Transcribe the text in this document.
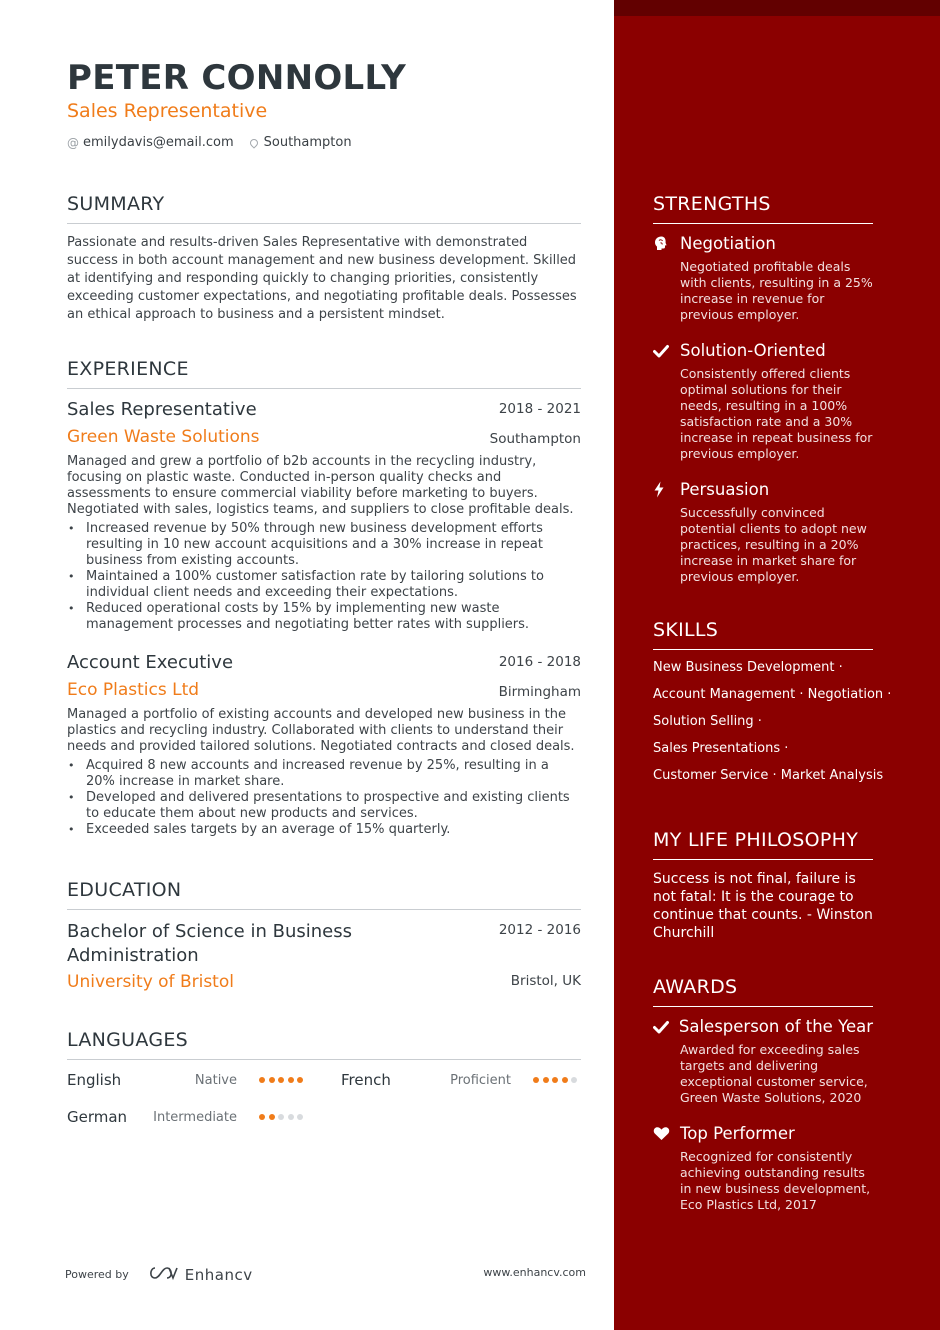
PETER CONNOLLY
Sales Representative
@ emilydavis@email.com Southampton
SUMMARY
Passionate and results-driven Sales Representative with demonstrated success in both account management and new business development. Skilled at identifying and responding quickly to changing priorities, consistently exceeding customer expectations, and negotiating profitable deals. Possesses an ethical approach to business and a persistent mindset.
EXPERIENCE
Sales Representative	2018 - 2021
Green Waste Solutions	Southampton
Managed and grew a portfolio of b2b accounts in the recycling industry, focusing on plastic waste. Conducted in-person quality checks and assessments to ensure commercial viability before marketing to buyers. Negotiated with sales, logistics teams, and suppliers to close profitable deals.
• Increased revenue by 50% through new business development efforts resulting in 10 new account acquisitions and a 30% increase in repeat business from existing accounts.
• Maintained a 100% customer satisfaction rate by tailoring solutions to individual client needs and exceeding their expectations.
• Reduced operational costs by 15% by implementing new waste management processes and negotiating better rates with suppliers.
Account Executive	2016 - 2018
Eco Plastics Ltd	Birmingham
Managed a portfolio of existing accounts and developed new business in the plastics and recycling industry. Collaborated with clients to understand their needs and provided tailored solutions. Negotiated contracts and closed deals.
• Acquired 8 new accounts and increased revenue by 25%, resulting in a 20% increase in market share.
• Developed and delivered presentations to prospective and existing clients to educate them about new products and services.
• Exceeded sales targets by an average of 15% quarterly.
EDUCATION
Bachelor of Science in Business
Administration
2012 - 2016
University of Bristol	Bristol, UK
LANGUAGES
English	Native	French	Proficient
German Intermediate
Powered by	Enhancv	www.enhancv.com
STRENGTHS
Negotiation
Negotiated profitable deals with clients, resulting in a 25% increase in revenue for previous employer.
Solution-Oriented
Consistently offered clients optimal solutions for their needs, resulting in a 100% satisfaction rate and a 30% increase in repeat business for previous employer.
Persuasion
Successfully convinced potential clients to adopt new practices, resulting in a 20% increase in market share for previous employer.
SKILLS
New Business Development ·
Account Management · Negotiation ·
Solution Selling ·
Sales Presentations ·
Customer Service · Market Analysis
MY LIFE PHILOSOPHY
Success is not final, failure is not fatal: It is the courage to continue that counts. - Winston Churchill
AWARDS
Salesperson of the Year
Awarded for exceeding sales targets and delivering exceptional customer service, Green Waste Solutions, 2020
Top Performer
Recognized for consistently achieving outstanding results in new business development, Eco Plastics Ltd, 2017
